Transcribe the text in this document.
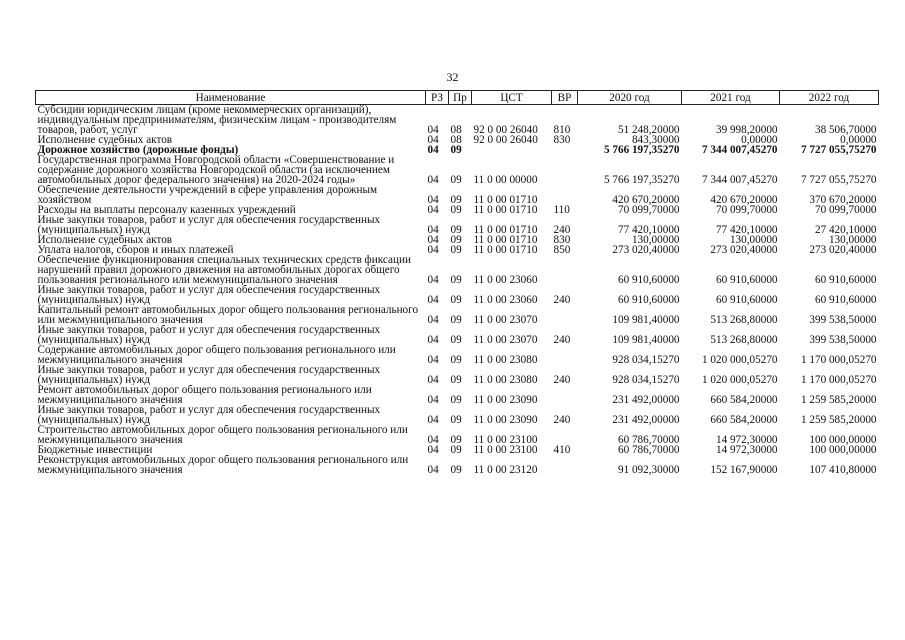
32
Наименование	РЗ	Пр	ЦСТ	ВР	2020 год	2021 год	2022 год
Субсидии юридическим лицам (кроме некоммерческих организаций), индивидуальным предпринимателям, физическим лицам - производителям товаров, работ, услуг	04	08	92 0 00 26040	810	51 248,20000	39 998,20000	38 506,70000
Исполнение судебных актов	04	08	92 0 00 26040	830	843,30000	0,00000	0,00000
Дорожное хозяйство (дорожные фонды)	04	09			5 766 197,35270	7 344 007,45270	7 727 055,75270
Государственная программа Новгородской области «Совершенствование и содержание дорожного хозяйства Новгородской области (за исключением автомобильных дорог федерального значения) на 2020-2024 годы»	04	09	11 0 00 00000		5 766 197,35270	7 344 007,45270	7 727 055,75270
Обеспечение деятельности учреждений в сфере управления дорожным хозяйством	04	09	11 0 00 01710		420 670,20000	420 670,20000	370 670,20000
Расходы на выплаты персоналу казенных учреждений	04	09	11 0 00 01710	110	70 099,70000	70 099,70000	70 099,70000
Иные закупки товаров, работ и услуг для обеспечения государственных (муниципальных) нужд	04	09	11 0 00 01710	240	77 420,10000	77 420,10000	27 420,10000
Исполнение судебных актов	04	09	11 0 00 01710	830	130,00000	130,00000	130,00000
Уплата налогов, сборов и иных платежей	04	09	11 0 00 01710	850	273 020,40000	273 020,40000	273 020,40000
Обеспечение функционирования специальных технических средств фиксации нарушений правил дорожного движения на автомобильных дорогах общего пользования регионального или межмуниципального значения	04	09	11 0 00 23060		60 910,60000	60 910,60000	60 910,60000
Иные закупки товаров, работ и услуг для обеспечения государственных (муниципальных) нужд	04	09	11 0 00 23060	240	60 910,60000	60 910,60000	60 910,60000
Капитальный ремонт автомобильных дорог общего пользования регионального или межмуниципального значения	04	09	11 0 00 23070		109 981,40000	513 268,80000	399 538,50000
Иные закупки товаров, работ и услуг для обеспечения государственных (муниципальных) нужд	04	09	11 0 00 23070	240	109 981,40000	513 268,80000	399 538,50000
Содержание автомобильных дорог общего пользования регионального или межмуниципального значения	04	09	11 0 00 23080		928 034,15270	1 020 000,05270	1 170 000,05270
Иные закупки товаров, работ и услуг для обеспечения государственных (муниципальных) нужд	04	09	11 0 00 23080	240	928 034,15270	1 020 000,05270	1 170 000,05270
Ремонт автомобильных дорог общего пользования регионального или межмуниципального значения	04	09	11 0 00 23090		231 492,00000	660 584,20000	1 259 585,20000
Иные закупки товаров, работ и услуг для обеспечения государственных (муниципальных) нужд	04	09	11 0 00 23090	240	231 492,00000	660 584,20000	1 259 585,20000
Строительство автомобильных дорог общего пользования регионального или межмуниципального значения	04	09	11 0 00 23100		60 786,70000	14 972,30000	100 000,00000
Бюджетные инвестиции	04	09	11 0 00 23100	410	60 786,70000	14 972,30000	100 000,00000
Реконструкция автомобильных дорог общего пользования регионального или межмуниципального значения	04	09	11 0 00 23120		91 092,30000	152 167,90000	107 410,80000
